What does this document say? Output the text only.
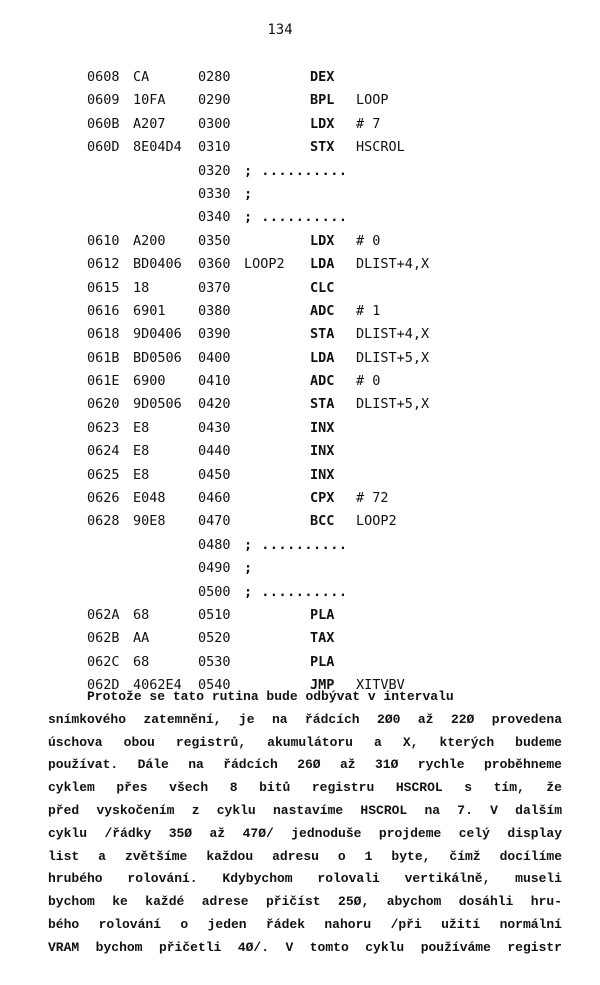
134
0608 CA	0280	DEX
0609 10FA 0290	BPL LOOP
060B A207 0300	LDX # 7
060D 8E04D4 0310	STX HSCROL
0320 ; ..........
0330 ;
0340 ; ..........
0610 A200 0350	LDX # 0
0612 BD0406 0360 LOOP2 LDA DLIST+4,X
0615 18	0370	CLC
0616 6901 0380	ADC # 1
0618 9D0406 0390	STA DLIST+4,X
061B BD0506 0400	LDA DLIST+5,X
061E 6900 0410	ADC # 0
0620 9D0506 0420	STA DLIST+5,X
0623 E8	0430	INX
0624 E8	0440	INX
0625 E8	0450	INX
0626 E048 0460	CPX # 72
0628 90E8 0470	BCC LOOP2
0480 ; ..........
0490 ;
0500 ; ..........
062A 68	0510	PLA
062B AA	0520	TAX
062C 68	0530	PLA
062D 4062E4 0540	JMP XITVBV
Protože se tato rutina bude odbývat v intervalu
snímkového zatemnění, je na řádcích 2Ø0 až 22Ø provedena
úschova obou registrů, akumulátoru a X, kterých budeme
používat. Dále na řádcích 26Ø až 31Ø rychle proběhneme
cyklem přes všech 8 bitů registru HSCROL s tím, že
před vyskočením z cyklu nastavíme HSCROL na 7. V dalším
cyklu /řádky 35Ø až 47Ø/ jednoduše projdeme celý display
list a zvětšíme každou adresu o 1 byte, čímž docílíme
hrubého rolování. Kdybychom rolovali vertikálně, museli
bychom ke každé adrese přičíst 25Ø, abychom dosáhli hru-
bého rolování o jeden řádek nahoru /při užití normální
VRAM bychom přičetli 4Ø/. V tomto cyklu používáme registr
